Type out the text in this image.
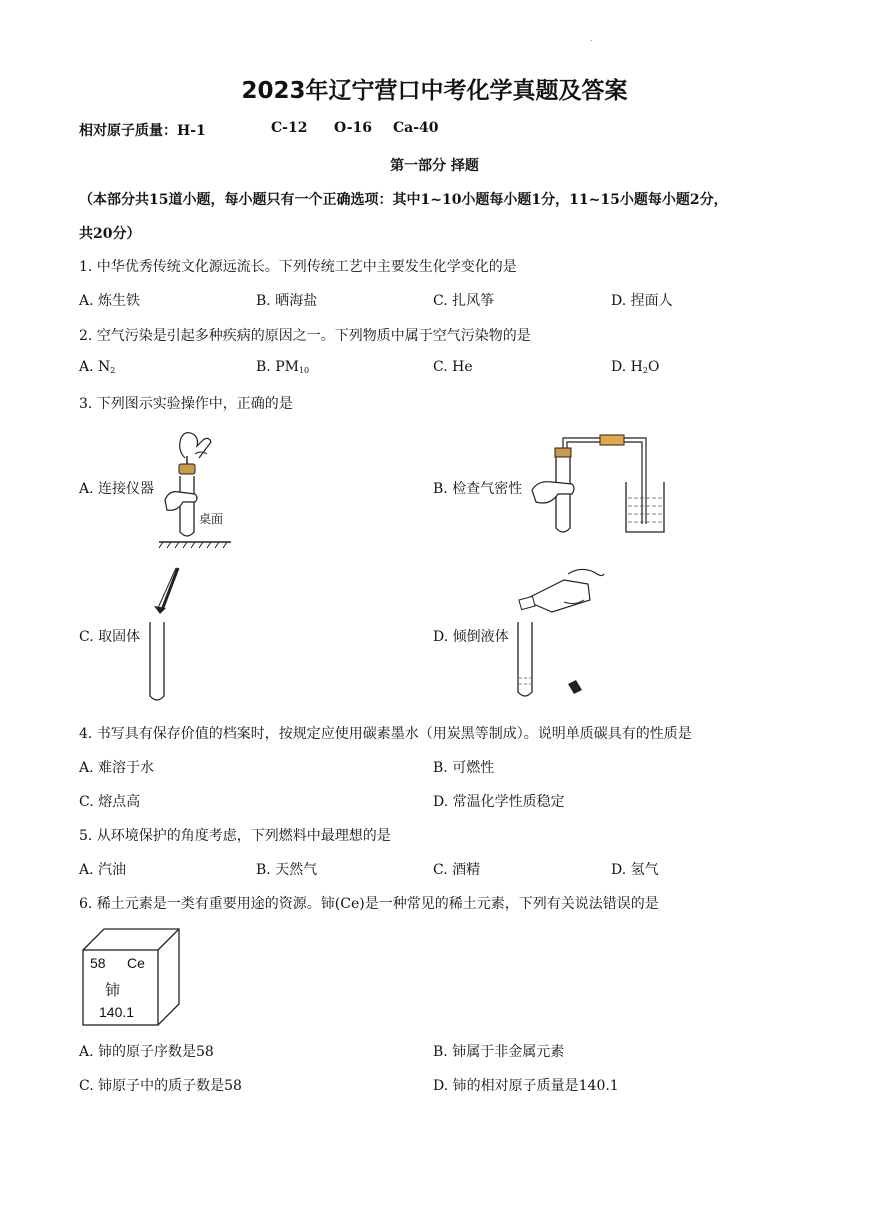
.
2023年辽宁营口中考化学真题及答案
相对原子质量：H-1	C-12 O-16 Ca-40
第一部分 择题
（本部分共15道小题，每小题只有一个正确选项：其中1~10小题每小题1分，11~15小题每小题2分，
共20分）
1. 中华优秀传统文化源远流长。下列传统工艺中主要发生化学变化的是
A. 炼生铁	B. 晒海盐	C. 扎风筝	D. 捏面人
2. 空气污染是引起多种疾病的原因之一。下列物质中属于空气污染物的是
A. $N_2$	B. $PM_{10}$	C. He	D. $H_2O$
3. 下列图示实验操作中，正确的是
A. 连接仪器	B. 检查气密性
C. 取固体	D. 倾倒液体
桌面
4. 书写具有保存价值的档案时，按规定应使用碳素墨水（用炭黑等制成）。说明单质碳具有的性质是
A. 难溶于水	B. 可燃性
C. 熔点高	D. 常温化学性质稳定
5. 从环境保护的角度考虑，下列燃料中最理想的是
A. 汽油	B. 天然气	C. 酒精	D. 氢气
6. 稀土元素是一类有重要用途的资源。铈(Ce)是一种常见的稀土元素，下列有关说法错误的是
58 Ce
铈
140.1
A. 铈的原子序数是58	B. 铈属于非金属元素
C. 铈原子中的质子数是58	D. 铈的相对原子质量是140.1
